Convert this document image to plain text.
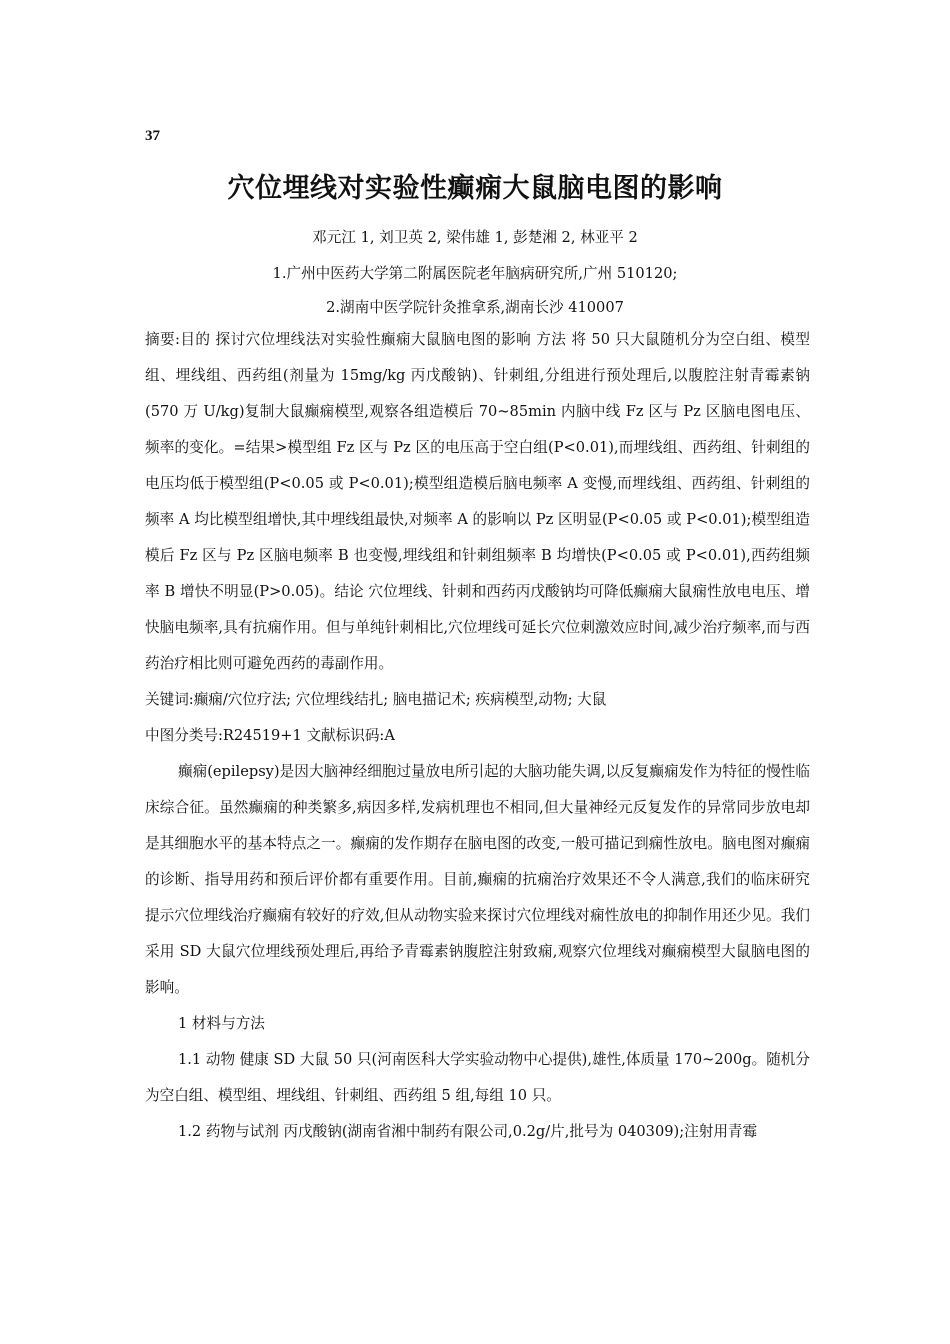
37
穴位埋线对实验性癫痫大鼠脑电图的影响
邓元江 1, 刘卫英 2, 梁伟雄 1, 彭楚湘 2, 林亚平 2
1.广州中医药大学第二附属医院老年脑病研究所,广州 510120;
2.湖南中医学院针灸推拿系,湖南长沙 410007

摘要:目的 探讨穴位埋线法对实验性癫痫大鼠脑电图的影响 方法 将 50 只大鼠随机分为空白组、模型组、埋线组、西药组(剂量为 15mg/kg 丙戊酸钠)、针刺组,分组进行预处理后,以腹腔注射青霉素钠(570 万 U/kg)复制大鼠癫痫模型,观察各组造模后 70~85min 内脑中线 Fz 区与 Pz 区脑电图电压、频率的变化。=结果>模型组 Fz 区与 Pz 区的电压高于空白组(P<0.01),而埋线组、西药组、针刺组的电压均低于模型组(P<0.05 或 P<0.01);模型组造模后脑电频率 A 变慢,而埋线组、西药组、针刺组的频率 A 均比模型组增快,其中埋线组最快,对频率 A 的影响以 Pz 区明显(P<0.05 或 P<0.01);模型组造模后 Fz 区与 Pz 区脑电频率 B 也变慢,埋线组和针刺组频率 B 均增快(P<0.05 或 P<0.01),西药组频率 B 增快不明显(P>0.05)。结论 穴位埋线、针刺和西药丙戊酸钠均可降低癫痫大鼠痫性放电电压、增快脑电频率,具有抗痫作用。但与单纯针刺相比,穴位埋线可延长穴位刺激效应时间,减少治疗频率,而与西药治疗相比则可避免西药的毒副作用。

关键词:癫痫/穴位疗法; 穴位埋线结扎; 脑电描记术; 疾病模型,动物; 大鼠

中图分类号:R24519+1 文献标识码:A

癫痫(epilepsy)是因大脑神经细胞过量放电所引起的大脑功能失调,以反复癫痫发作为特征的慢性临床综合征。虽然癫痫的种类繁多,病因多样,发病机理也不相同,但大量神经元反复发作的异常同步放电却是其细胞水平的基本特点之一。癫痫的发作期存在脑电图的改变,一般可描记到痫性放电。脑电图对癫痫的诊断、指导用药和预后评价都有重要作用。目前,癫痫的抗痫治疗效果还不令人满意,我们的临床研究提示穴位埋线治疗癫痫有较好的疗效,但从动物实验来探讨穴位埋线对痫性放电的抑制作用还少见。我们采用 SD 大鼠穴位埋线预处理后,再给予青霉素钠腹腔注射致痫,观察穴位埋线对癫痫模型大鼠脑电图的影响。

1 材料与方法

1.1 动物 健康 SD 大鼠 50 只(河南医科大学实验动物中心提供),雄性,体质量 170~200g。随机分为空白组、模型组、埋线组、针刺组、西药组 5 组,每组 10 只。

1.2 药物与试剂 丙戊酸钠(湖南省湘中制药有限公司,0.2g/片,批号为 040309);注射用青霉
